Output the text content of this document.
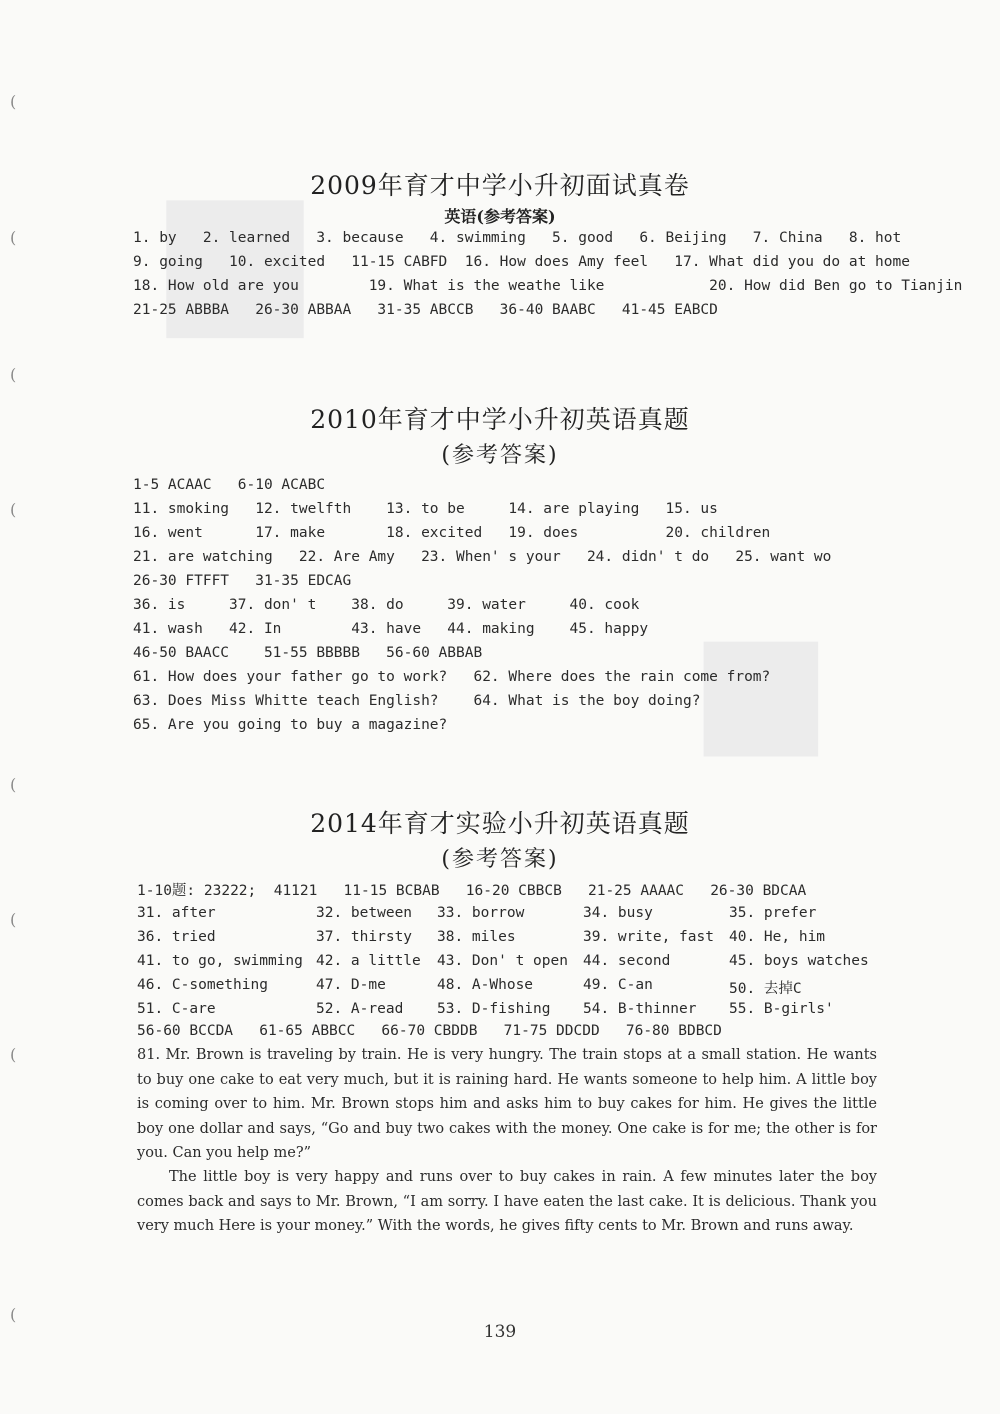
(
(
(
(
(
(
(
(
■
■
2009年育才中学小升初面试真卷
英语(参考答案)
1. by   2. learned   3. because   4. swimming   5. good   6. Beijing   7. China   8. hot
9. going   10. excited   11-15 CABFD  16. How does Amy feel   17. What did you do at home
18. How old are you        19. What is the weathe like            20. How did Ben go to Tianjin
21-25 ABBBA   26-30 ABBAA   31-35 ABCCB   36-40 BAABC   41-45 EABCD
2010年育才中学小升初英语真题
(参考答案)
1-5 ACAAC   6-10 ACABC
11. smoking   12. twelfth    13. to be     14. are playing   15. us
16. went      17. make       18. excited   19. does          20. children
21. are watching   22. Are Amy   23. When' s your   24. didn' t do   25. want wo
26-30 FTFFT   31-35 EDCAG
36. is     37. don' t    38. do     39. water     40. cook
41. wash   42. In        43. have   44. making    45. happy
46-50 BAACC    51-55 BBBBB   56-60 ABBAB
61. How does your father go to work?   62. Where does the rain come from?
63. Does Miss Whitte teach English?    64. What is the boy doing?
65. Are you going to buy a magazine?
2014年育才实验小升初英语真题
(参考答案)
1-10题: 23222;  41121   11-15 BCBAB   16-20 CBBCB   21-25 AAAAC   26-30 BDCAA
31. after	32. between 33. borrow	34. busy	35. prefer
36. tried	37. thirsty 38. miles	39. write, fast 40. He, him
41. to go, swimming 42. a little 43. Don' t open 44. second	45. boys watches
46. C-something	47. D-me	48. A-Whose	49. C-an	50. 去掉C
51. C-are	52. A-read 53. D-fishing 54. B-thinner 55. B-girls'
56-60 BCCDA   61-65 ABBCC   66-70 CBDDB   71-75 DDCDD   76-80 BDBCD

81. Mr. Brown is traveling by train. He is very hungry. The train stops at a small station. He wants to buy one cake to eat very much, but it is raining hard. He wants someone to help him. A little boy is coming over to him. Mr. Brown stops him and asks him to buy cakes for him. He gives the little boy one dollar and says, “Go and buy two cakes with the money. One cake is for me; the other is for you. Can you help me?”

The little boy is very happy and runs over to buy cakes in rain. A few minutes later the boy comes back and says to Mr. Brown, “I am sorry. I have eaten the last cake. It is delicious. Thank you very much Here is your money.” With the words, he gives fifty cents to Mr. Brown and runs away.

139
